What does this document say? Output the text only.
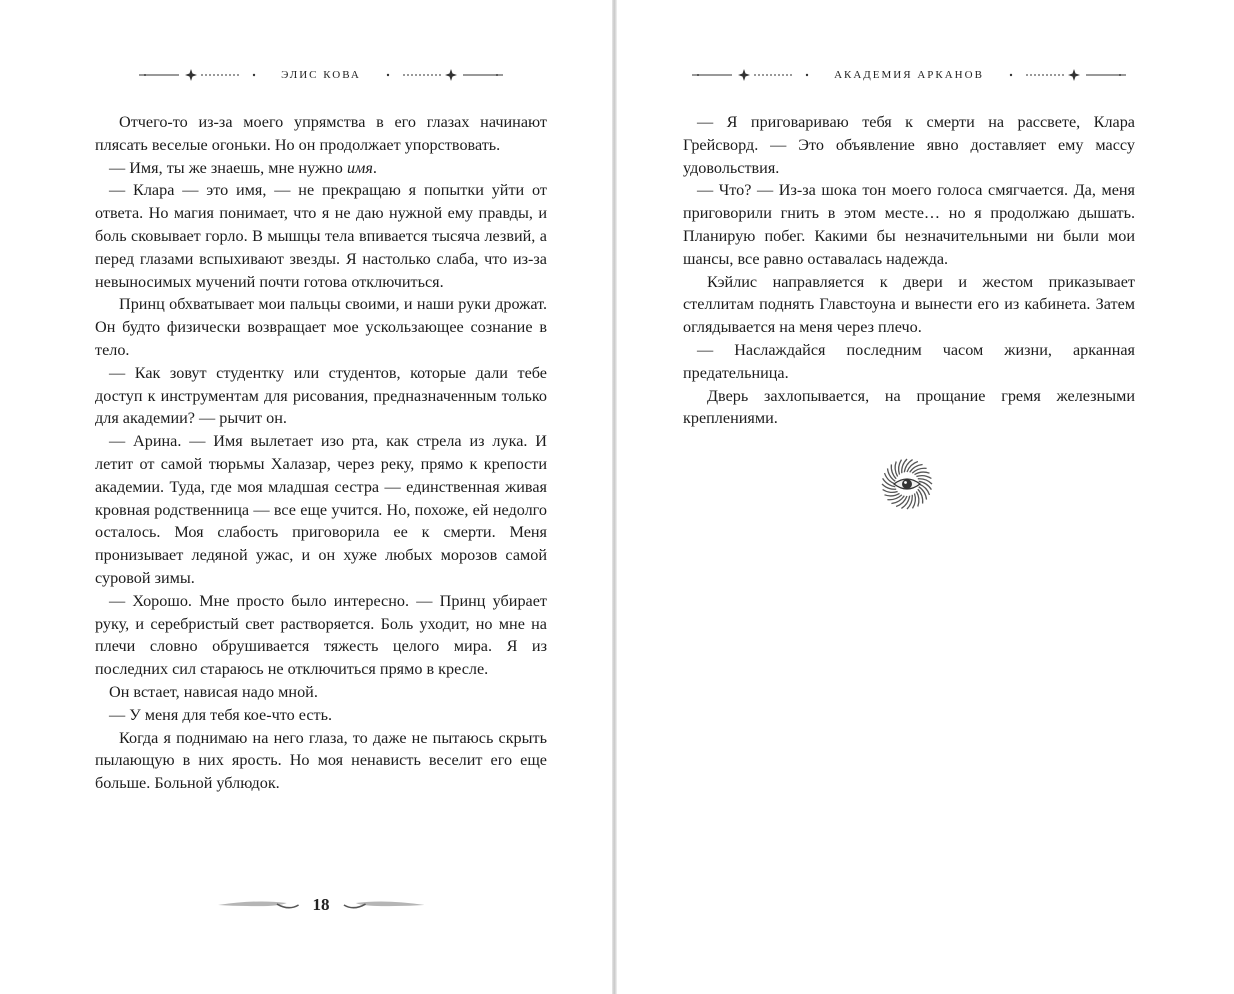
ЭЛИС КОВА

Отчего-то из-за моего упрямства в его глазах начинают плясать веселые огоньки. Но он продолжает упорствовать.

— Имя, ты же знаешь, мне нужно имя.

— Клара — это имя, — не прекращаю я попытки уйти от ответа. Но магия понимает, что я не даю нужной ему правды, и боль сковывает горло. В мышцы тела впивается тысяча лезвий, а перед глазами вспыхивают звезды. Я настолько слаба, что из-за невыносимых мучений почти готова отключиться.

Принц обхватывает мои пальцы своими, и наши руки дрожат. Он будто физически возвращает мое ускользающее сознание в тело.

— Как зовут студентку или студентов, которые дали тебе доступ к инструментам для рисования, предназначенным только для академии? — рычит он.

— Арина. — Имя вылетает изо рта, как стрела из лука. И летит от самой тюрьмы Халазар, через реку, прямо к крепости академии. Туда, где моя младшая сестра — единственная живая кровная родственница — все еще учится. Но, похоже, ей недолго осталось. Моя слабость приговорила ее к смерти. Меня пронизывает ледяной ужас, и он хуже любых морозов самой суровой зимы.

— Хорошо. Мне просто было интересно. — Принц убирает руку, и серебристый свет растворяется. Боль уходит, но мне на плечи словно обрушивается тяжесть целого мира. Я из последних сил стараюсь не отключиться прямо в кресле.

Он встает, нависая надо мной.

— У меня для тебя кое-что есть.

Когда я поднимаю на него глаза, то даже не пытаюсь скрыть пылающую в них ярость. Но моя ненависть веселит его еще больше. Больной ублюдок.

18
АКАДЕМИЯ АРКАНОВ

— Я приговариваю тебя к смерти на рассвете, Клара Грейсворд. — Это объявление явно доставляет ему массу удовольствия.

— Что? — Из-за шока тон моего голоса смягчается. Да, меня приговорили гнить в этом месте… но я продолжаю дышать. Планирую побег. Какими бы незначительными ни были мои шансы, все равно оставалась надежда.

Кэйлис направляется к двери и жестом приказывает стеллитам поднять Главстоуна и вынести его из кабинета. Затем оглядывается на меня через плечо.

— Наслаждайся последним часом жизни, арканная предательница.

Дверь захлопывается, на прощание гремя железными креплениями.
